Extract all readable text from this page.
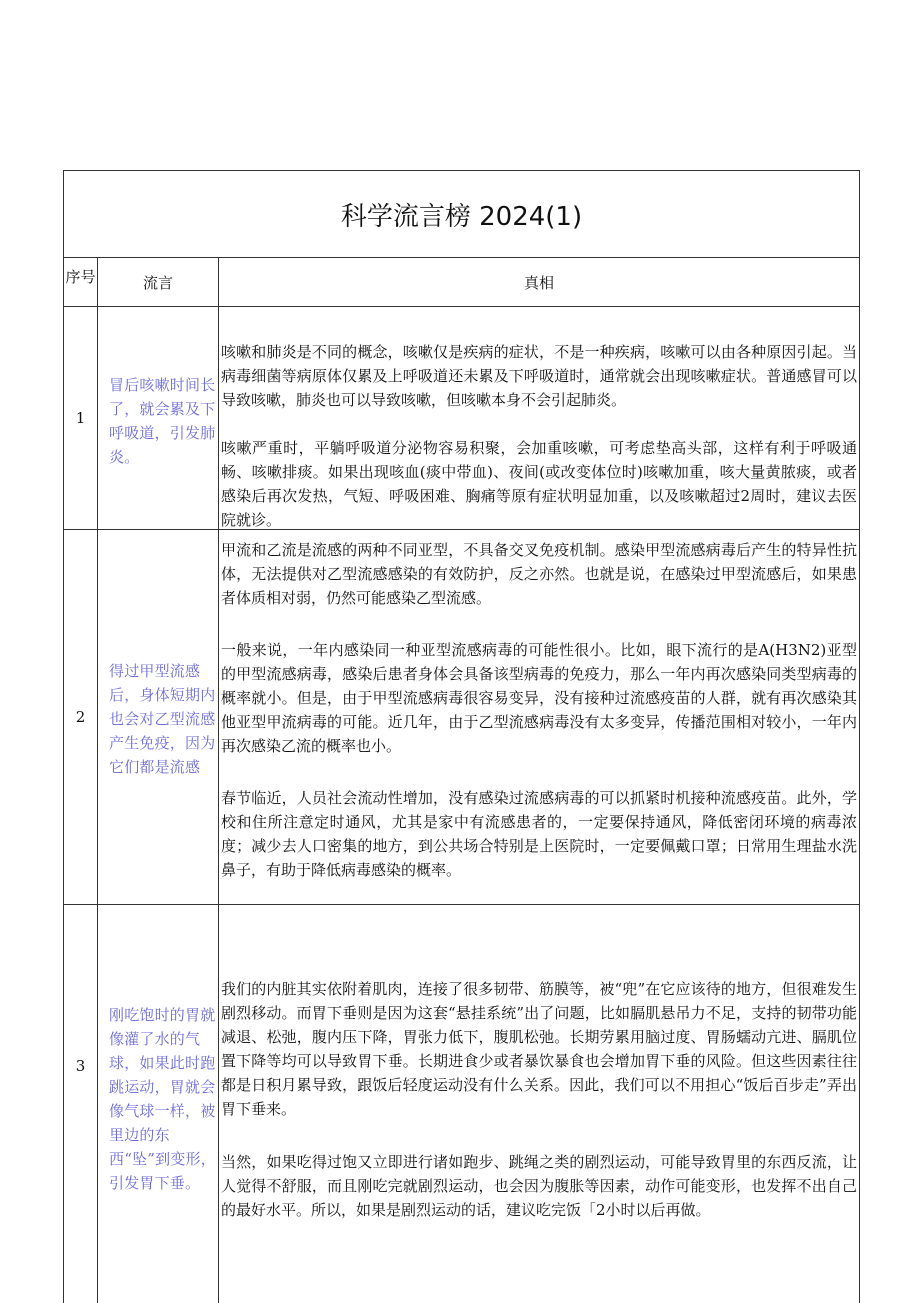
科学流言榜 2024(1)
序号	流言	真相
1
冒后咳嗽时间长了，就会累及下呼吸道，引发肺炎。

咳嗽和肺炎是不同的概念，咳嗽仅是疾病的症状，不是一种疾病，咳嗽可以由各种原因引起。当病毒细菌等病原体仅累及上呼吸道还未累及下呼吸道时，通常就会出现咳嗽症状。普通感冒可以导致咳嗽，肺炎也可以导致咳嗽，但咳嗽本身不会引起肺炎。

咳嗽严重时，平躺呼吸道分泌物容易积聚，会加重咳嗽，可考虑垫高头部，这样有利于呼吸通畅、咳嗽排痰。如果出现咳血(痰中带血)、夜间(或改变体位时)咳嗽加重，咳大量黄脓痰，或者感染后再次发热，气短、呼吸困难、胸痛等原有症状明显加重，以及咳嗽超过2周时，建议去医院就诊。

2
得过甲型流感后，身体短期内也会对乙型流感产生免疫，因为它们都是流感

甲流和乙流是流感的两种不同亚型，不具备交叉免疫机制。感染甲型流感病毒后产生的特异性抗体，无法提供对乙型流感感染的有效防护，反之亦然。也就是说，在感染过甲型流感后，如果患者体质相对弱，仍然可能感染乙型流感。

一般来说，一年内感染同一种亚型流感病毒的可能性很小。比如，眼下流行的是A(H3N2)亚型的甲型流感病毒，感染后患者身体会具备该型病毒的免疫力，那么一年内再次感染同类型病毒的概率就小。但是，由于甲型流感病毒很容易变异，没有接种过流感疫苗的人群，就有再次感染其他亚型甲流病毒的可能。近几年，由于乙型流感病毒没有太多变异，传播范围相对较小，一年内再次感染乙流的概率也小。

春节临近，人员社会流动性增加，没有感染过流感病毒的可以抓紧时机接种流感疫苗。此外，学校和住所注意定时通风，尤其是家中有流感患者的，一定要保持通风，降低密闭环境的病毒浓度；减少去人口密集的地方，到公共场合特别是上医院时，一定要佩戴口罩；日常用生理盐水洗鼻子，有助于降低病毒感染的概率。

3
刚吃饱时的胃就像灌了水的气球，如果此时跑跳运动，胃就会像气球一样，被里边的东西“坠”到变形，引发胃下垂。

我们的内脏其实依附着肌肉，连接了很多韧带、筋膜等，被“兜”在它应该待的地方，但很难发生剧烈移动。而胃下垂则是因为这套“悬挂系统”出了问题，比如膈肌悬吊力不足，支持的韧带功能减退、松弛，腹内压下降，胃张力低下，腹肌松弛。长期劳累用脑过度、胃肠蠕动亢进、膈肌位置下降等均可以导致胃下垂。长期进食少或者暴饮暴食也会增加胃下垂的风险。但这些因素往往都是日积月累导致，跟饭后轻度运动没有什么关系。因此，我们可以不用担心“饭后百步走”弄出胃下垂来。

当然，如果吃得过饱又立即进行诸如跑步、跳绳之类的剧烈运动，可能导致胃里的东西反流，让人觉得不舒服，而且刚吃完就剧烈运动，也会因为腹胀等因素，动作可能变形，也发挥不出自己的最好水平。所以，如果是剧烈运动的话，建议吃完饭「2小时以后再做。
